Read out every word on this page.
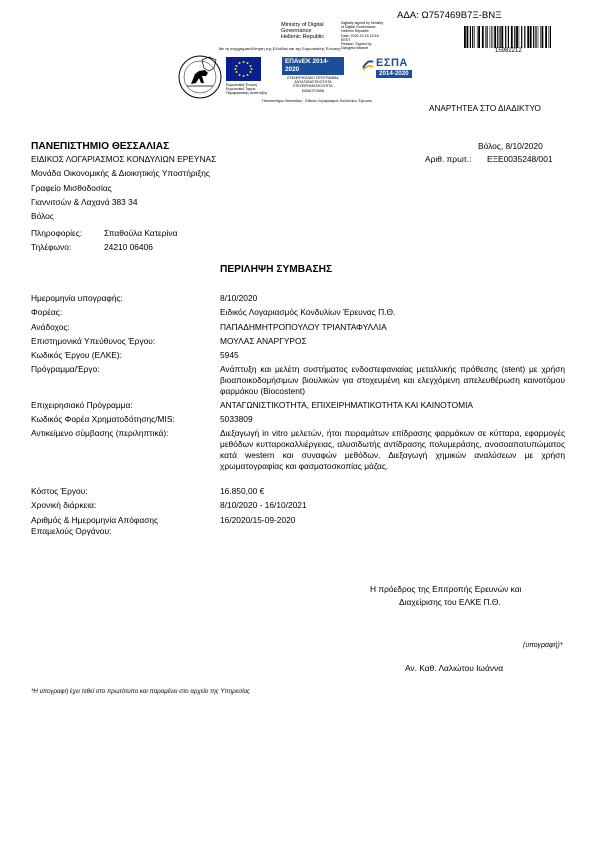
ΑΔΑ: Ω757469Β7Ξ-ΒΝΞ
Ministry of Digital
Governance
Hellenic Republic
Digitally signed by Ministry
of Digital Governance,
Hellenic Republic
Date: 2020.10.16 15:18
EEST
Reason: Signed by
Diavgeia Intranet	15982212
Με τη συγχρηματοδότηση της Ελλάδας και της Ευρωπαϊκής Ένωσης
Ευρωπαϊκή Ένωση
Ευρωπαϊκό Ταμείο
Περιφερειακής Ανάπτυξης
ΕΠΑνΕΚ 2014-2020
ΕΠΙΧΕΙΡΗΣΙΑΚΟ ΠΡΟΓΡΑΜΜΑ
ΑΝΤΑΓΩΝΙΣΤΙΚΟΤΗΤΑ
ΕΠΙΧΕΙΡΗΜΑΤΙΚΟΤΗΤΑ
ΚΑΙΝΟΤΟΜΙΑ
ΕΣΠΑ
2014-2020
Πανεπιστήμιο Θεσσαλίας · Ειδικός Λογαριασμός Κονδυλίων Έρευνας
ΑΝΑΡΤΗΤΕΑ ΣΤΟ ΔΙΑΔΙΚΤΥΟ
ΠΑΝΕΠΙΣΤΗΜΙΟ ΘΕΣΣΑΛΙΑΣ
ΕΙΔΙΚΟΣ ΛΟΓΑΡΙΑΣΜΟΣ ΚΟΝΔΥΛΙΩΝ ΕΡΕΥΝΑΣ
Μονάδα Οικονομικής & Διοικητικής Υποστήριξης
Γραφείο Μισθοδοσίας
Γιαννιτσών & Λαχανά 383 34
Βόλος
Πληροφορίες:	Σπαθούλα Κατερίνα
Τηλέφωνο:	24210 06406
Βόλος, 8/10/2020
Αριθ. πρωτ.: ΕΞΕ0035248/001
ΠΕΡΙΛΗΨΗ ΣΥΜΒΑΣΗΣ
Ημερομηνία υπογραφής:	8/10/2020
Φορέας:	Ειδικός Λογαριασμός Κονδυλίων Έρευνας Π.Θ.
Ανάδοχος:	ΠΑΠΑΔΗΜΗΤΡΟΠΟΥΛΟΥ ΤΡΙΑΝΤΑΦΥΛΛΙΑ
Επιστημονικά Υπεύθυνος Έργου:	ΜΟΥΛΑΣ ΑΝΑΡΓΥΡΟΣ
Κωδικός Έργου (ΕΛΚΕ):	5945
Πρόγραμμα/Έργο:	Ανάπτυξη και μελέτη συστήματος ενδοστεφανιαίας μεταλλικής πρόθεσης (stent) με χρήση βιοαποικοδομήσιμων βιουλικών για στοχευμένη και ελεγχόμενη απελευθέρωση καινοτόμου φαρμάκου (Biocostent)
Επιχειρησιακό Πρόγραμμα:	ΑΝΤΑΓΩΝΙΣΤΙΚΟΤΗΤΑ, ΕΠΙΧΕΙΡΗΜΑΤΙΚΟΤΗΤΑ ΚΑΙ ΚΑΙΝΟΤΟΜΙΑ
Κωδικός Φορέα Χρηματοδότησης/MIS:	5033809
Αντικείμενο σύμβασης (περιληπτικά):	Διεξαγωγή in vitro μελετών, ήτοι πειραμάτων επίδρασης φαρμάκων σε κύτταρα, εφαρμογές μεθόδων κυτταροκαλλιέργειας, αλυσιδωτής αντίδρασης πολυμεράσης, ανοσοαποτυπώματος κατά western και συναφών μεθόδων. Διεξαγωγή χημικών αναλύσεων με χρήση χρωματογραφίας και φασματοσκοπίας μάζας.
Κόστος Έργου:	16.850,00 €
Χρονική διάρκεια:	8/10/2020 - 16/10/2021
Αριθμός & Ημερομηνία Απόφασης
Επαμελούς Οργάνου:
16/2020/15-09-2020
Η πρόεδρος της Επιτροπής Ερευνών και
Διαχείρισης του ΕΛΚΕ Π.Θ.
(υπογραφή)*
Αν. Καθ. Λαλιώτου Ιωάννα
*Η υπογραφή έχει τεθεί στο πρωτότυπο και παραμένει στο αρχείο της Υπηρεσίας
